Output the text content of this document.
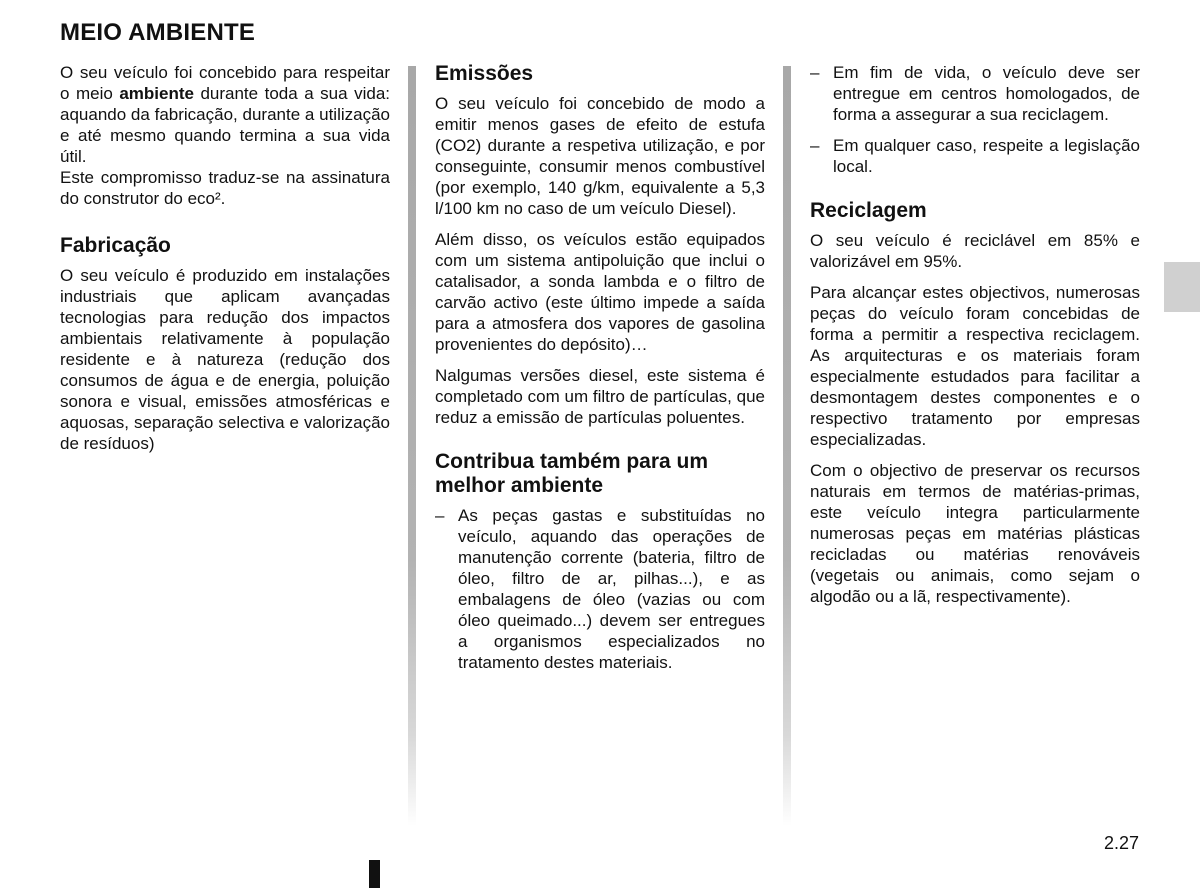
MEIO AMBIENTE

O seu veículo foi concebido para respeitar o meio ambiente durante toda a sua vida: aquando da fabricação, durante a utilização e até mesmo quando termina a sua vida útil.

Este compromisso traduz-se na assinatura do construtor do eco².

Fabricação

O seu veículo é produzido em instalações industriais que aplicam avançadas tecnologias para redução dos impactos ambientais relativamente à população residente e à natureza (redução dos consumos de água e de energia, poluição sonora e visual, emissões atmosféricas e aquosas, separação selectiva e valorização de resíduos)

Emissões

O seu veículo foi concebido de modo a emitir menos gases de efeito de estufa (CO2) durante a respetiva utilização, e por conseguinte, consumir menos combustível (por exemplo, 140 g/km, equivalente a 5,3 l/100 km no caso de um veículo Diesel).

Além disso, os veículos estão equipados com um sistema antipoluição que inclui o catalisador, a sonda lambda e o filtro de carvão activo (este último impede a saída para a atmosfera dos vapores de gasolina provenientes do depósito)…

Nalgumas versões diesel, este sistema é completado com um filtro de partículas, que reduz a emissão de partículas poluentes.

Contribua também para um melhor ambiente
– As peças gastas e substituídas no veículo, aquando das operações de manutenção corrente (bateria, filtro de óleo, filtro de ar, pilhas...), e as embalagens de óleo (vazias ou com óleo queimado...) devem ser entregues a organismos especializados no tratamento destes materiais.
– Em fim de vida, o veículo deve ser entregue em centros homologados, de forma a assegurar a sua reciclagem.
– Em qualquer caso, respeite a legislação local.
Reciclagem

O seu veículo é reciclável em 85% e valorizável em 95%.

Para alcançar estes objectivos, numerosas peças do veículo foram concebidas de forma a permitir a respectiva reciclagem. As arquitecturas e os materiais foram especialmente estudados para facilitar a desmontagem destes componentes e o respectivo tratamento por empresas especializadas.

Com o objectivo de preservar os recursos naturais em termos de matérias-primas, este veículo integra particularmente numerosas peças em matérias plásticas recicladas ou matérias renováveis (vegetais ou animais, como sejam o algodão ou a lã, respectivamente).

2.27
